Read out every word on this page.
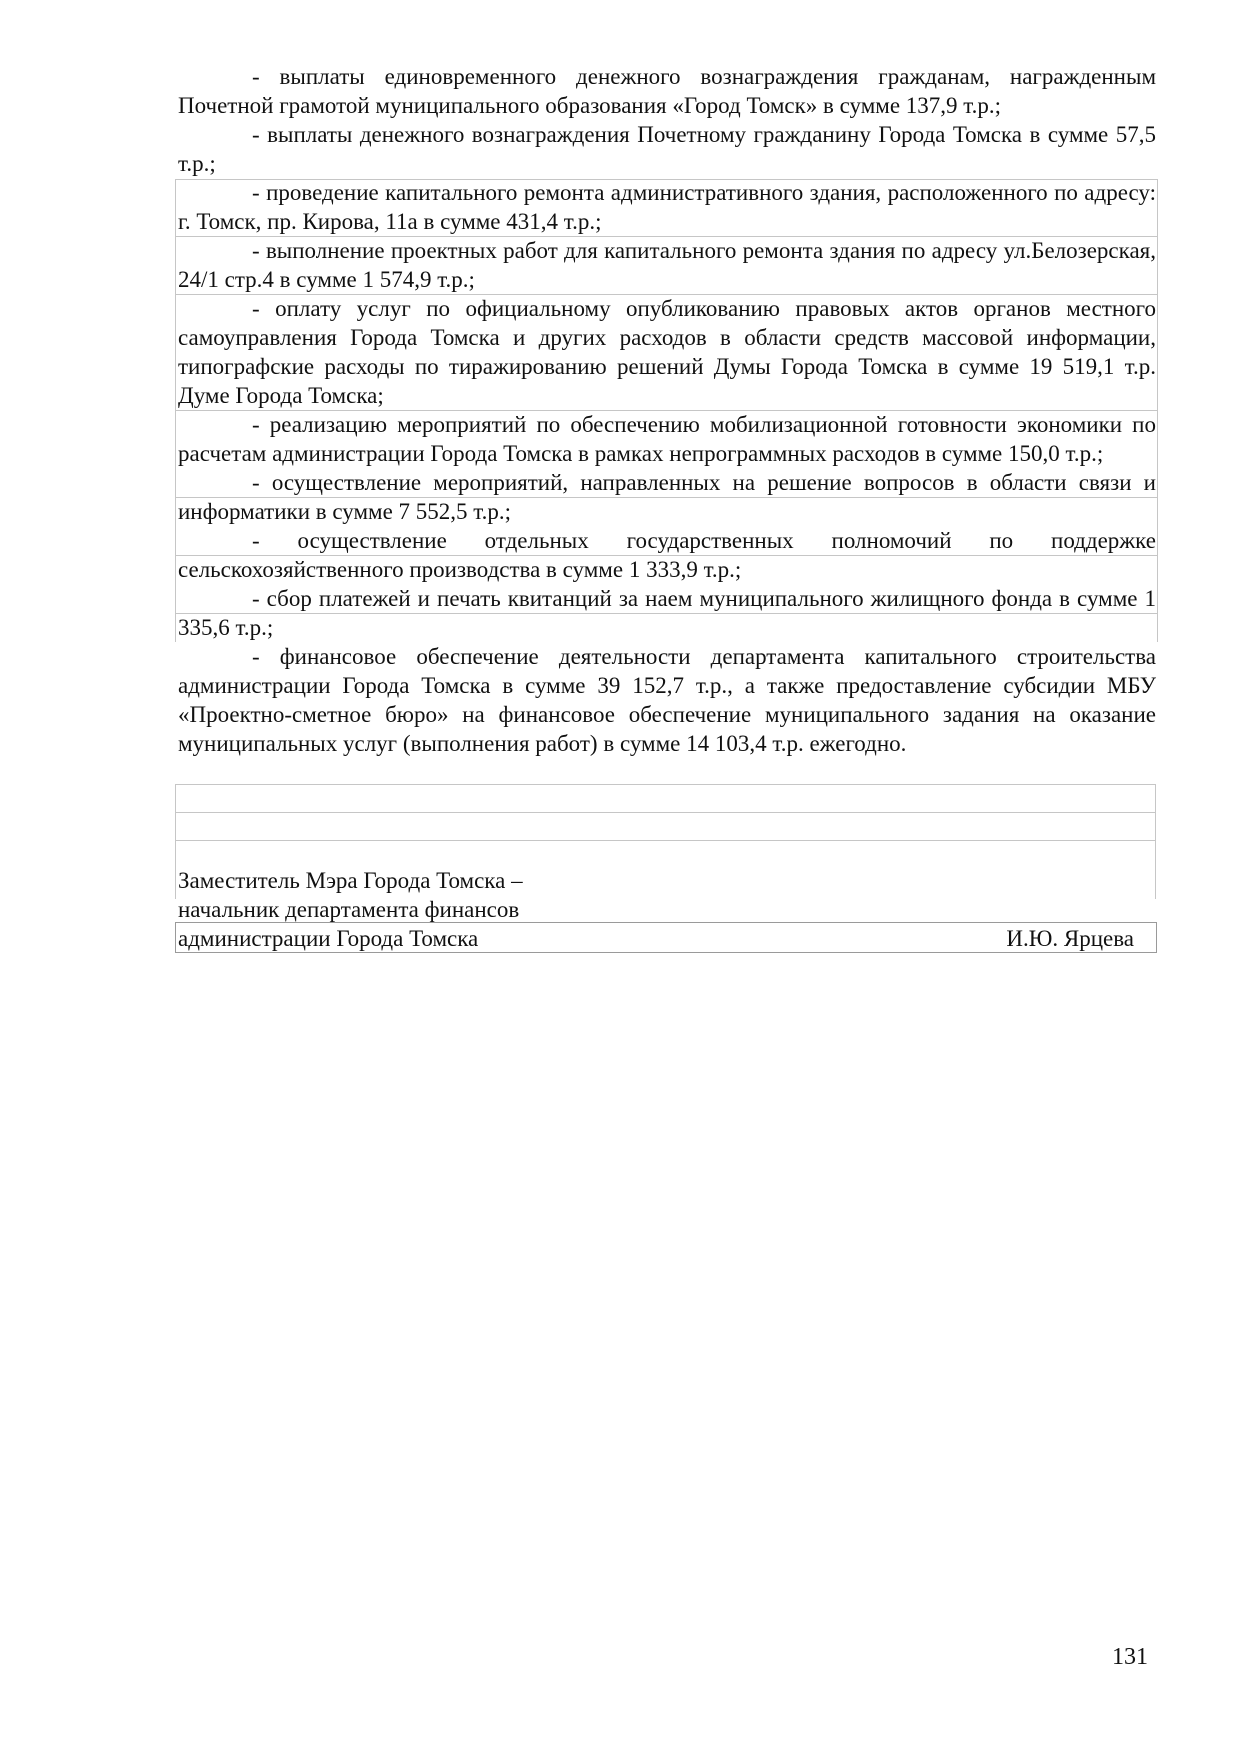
- выплаты единовременного денежного вознаграждения гражданам, награжденным Почетной грамотой муниципального образования «Город Томск» в сумме 137,9 т.р.;

- выплаты денежного вознаграждения Почетному гражданину Города Томска в сумме 57,5 т.р.;

- проведение капитального ремонта административного здания, расположенного по адресу: г. Томск, пр. Кирова, 11а в сумме 431,4 т.р.;

- выполнение проектных работ для капитального ремонта здания по адресу ул.Белозерская, 24/1 стр.4 в сумме 1 574,9 т.р.;

- оплату услуг по официальному опубликованию правовых актов органов местного самоуправления Города Томска и других расходов в области средств массовой информации, типографские расходы по тиражированию решений Думы Города Томска в сумме 19 519,1 т.р. Думе Города Томска;

- реализацию мероприятий по обеспечению мобилизационной готовности экономики по расчетам администрации Города Томска в рамках непрограммных расходов в сумме 150,0 т.р.;

- осуществление мероприятий, направленных на решение вопросов в области связи и информатики в сумме 7 552,5 т.р.;

- осуществление отдельных государственных полномочий по поддержке сельскохозяйственного производства в сумме 1 333,9 т.р.;

- сбор платежей и печать квитанций за наем муниципального жилищного фонда в сумме 1 335,6 т.р.;

- финансовое обеспечение деятельности департамента капитального строительства администрации Города Томска в сумме 39 152,7 т.р., а также предоставление субсидии МБУ «Проектно-сметное бюро» на финансовое обеспечение муниципального задания на оказание муниципальных услуг (выполнения работ) в сумме 14 103,4 т.р. ежегодно.

Заместитель Мэра Города Томска –
начальник департамента финансов
администрации Города Томска	И.Ю. Ярцева
131
